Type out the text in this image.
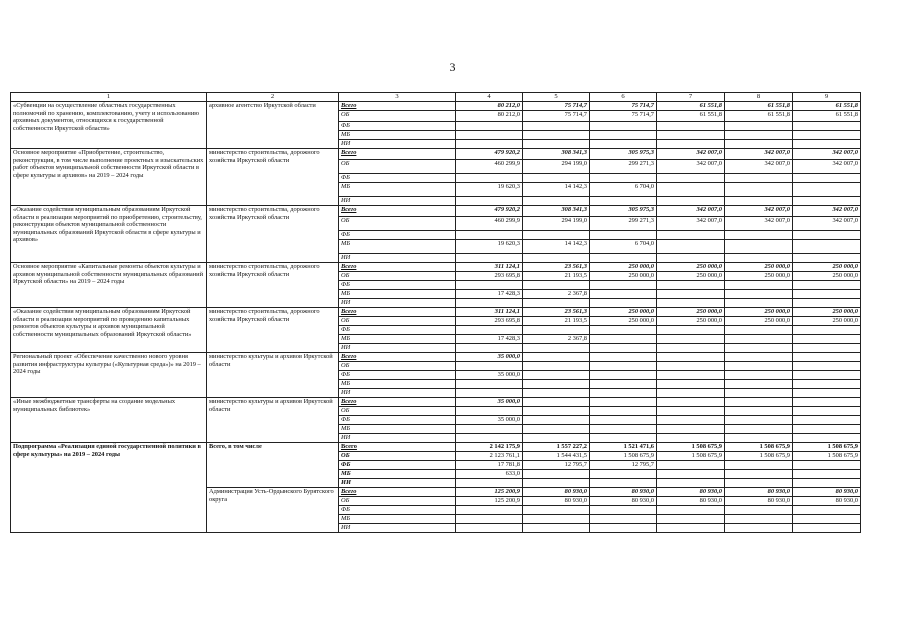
3
1	2	3	4	5	6	7	8	9
«Субвенции на осуществление областных государственных полномочий по хранению, комплектованию, учету и использованию архивных документов, относящихся к государственной собственности Иркутской области»	архивное агентство Иркутской области	Всего	80 212,0	75 714,7	75 714,7	61 551,8	61 551,8	61 551,8
		ОБ	80 212,0	75 714,7	75 714,7	61 551,8	61 551,8	61 551,8
		ФБ						
		МБ						
		ИИ						
Основное мероприятие «Приобретение, строительство, реконструкция, в том числе выполнение проектных и изыскательских работ объектов муниципальной собственности Иркутской области в сфере культуры и архивов» на 2019 – 2024 годы	министерство строительства, дорожного хозяйства Иркутской области	Всего	479 920,2	308 341,3	305 975,3	342 007,0	342 007,0	342 007,0
		ОБ	460 299,9	294 199,0	299 271,3	342 007,0	342 007,0	342 007,0
		ФБ						
		МБ	19 620,3	14 142,3	6 704,0			
		ИИ						
«Оказание содействия муниципальным образованиям Иркутской области в реализации мероприятий по приобретению, строительству, реконструкции объектов муниципальной собственности муниципальных образований Иркутской области в сфере культуры и архивов»	министерство строительства, дорожного хозяйства Иркутской области	Всего	479 920,2	308 341,3	305 975,3	342 007,0	342 007,0	342 007,0
		ОБ	460 299,9	294 199,0	299 271,3	342 007,0	342 007,0	342 007,0
		ФБ						
		МБ	19 620,3	14 142,3	6 704,0			
		ИИ						
Основное мероприятие «Капитальные ремонты объектов культуры и архивов муниципальной собственности муниципальных образований Иркутской области» на 2019 – 2024 годы	министерство строительства, дорожного хозяйства Иркутской области	Всего	311 124,1	23 561,3	250 000,0	250 000,0	250 000,0	250 000,0
		ОБ	293 695,8	21 193,5	250 000,0	250 000,0	250 000,0	250 000,0
		ФБ						
		МБ	17 428,3	2 367,8				
		ИИ						
«Оказание содействия муниципальным образованиям Иркутской области в реализации мероприятий по проведению капитальных ремонтов объектов культуры и архивов муниципальной собственности муниципальных образований Иркутской области»	министерство строительства, дорожного хозяйства Иркутской области	Всего	311 124,1	23 561,3	250 000,0	250 000,0	250 000,0	250 000,0
		ОБ	293 695,8	21 193,5	250 000,0	250 000,0	250 000,0	250 000,0
		ФБ						
		МБ	17 428,3	2 367,8				
		ИИ						
Региональный проект «Обеспечение качественно нового уровня развития инфраструктуры культуры («Культурная среда»)» на 2019 – 2024 годы	министерство культуры и архивов Иркутской области	Всего	35 000,0					
		ОБ						
		ФБ	35 000,0					
		МБ						
		ИИ						
«Иные межбюджетные трансферты на создание модельных муниципальных библиотек»	министерство культуры и архивов Иркутской области	Всего	35 000,0					
		ОБ						
		ФБ	35 000,0					
		МБ						
		ИИ						
Подпрограмма «Реализация единой государственной политики в сфере культуры» на 2019 – 2024 годы	Всего, в том числе	Всего	2 142 175,9	1 557 227,2	1 521 471,6	1 508 675,9	1 508 675,9	1 508 675,9
		ОБ	2 123 761,1	1 544 431,5	1 508 675,9	1 508 675,9	1 508 675,9	1 508 675,9
		ФБ	17 781,8	12 795,7	12 795,7			
		МБ	633,0					
		ИИ						
	Администрация Усть-Ордынского Бурятского округа	Всего	125 200,9	80 930,0	80 930,0	80 930,0	80 930,0	80 930,0
		ОБ	125 200,9	80 930,0	80 930,0	80 930,0	80 930,0	80 930,0
		ФБ						
		МБ						
		ИИ						
